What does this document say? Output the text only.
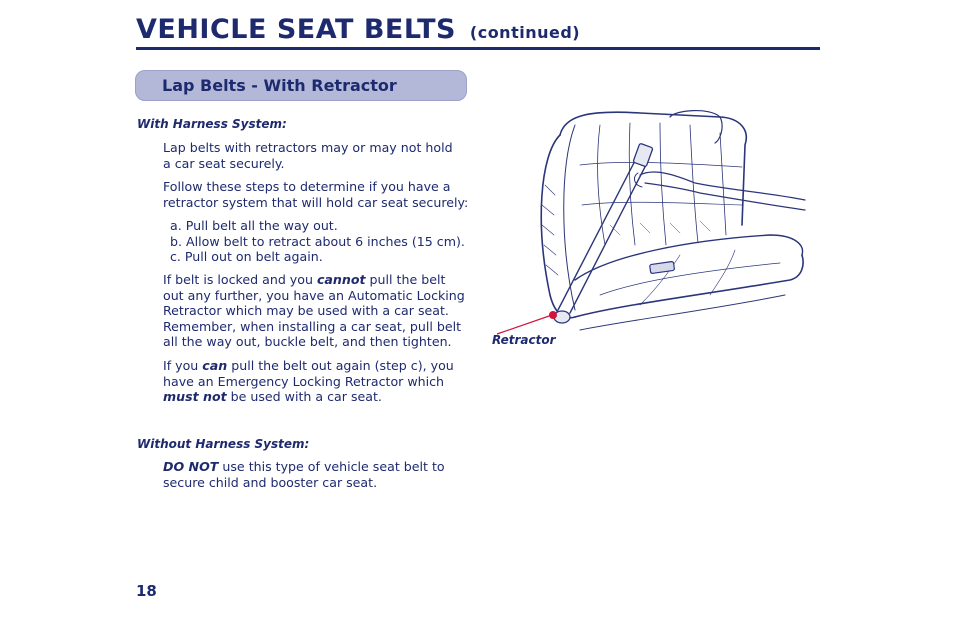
VEHICLE SEAT BELTS (continued)
Lap Belts - With Retractor
With Harness System:
Lap belts with retractors may or may not hold
a car seat securely.
Follow these steps to determine if you have a
retractor system that will hold car seat securely:
a. Pull belt all the way out.
b. Allow belt to retract about 6 inches (15 cm).
c. Pull out on belt again.

If belt is locked and you cannot pull the belt out any further, you have an Automatic Locking Retractor which may be used with a car seat. Remember, when installing a car seat, pull belt all the way out, buckle belt, and then tighten.

If you can pull the belt out again (step c), you have an Emergency Locking Retractor which must not be used with a car seat.

Without Harness System:

DO NOT use this type of vehicle seat belt to secure child and booster car seat.

Retractor
18
